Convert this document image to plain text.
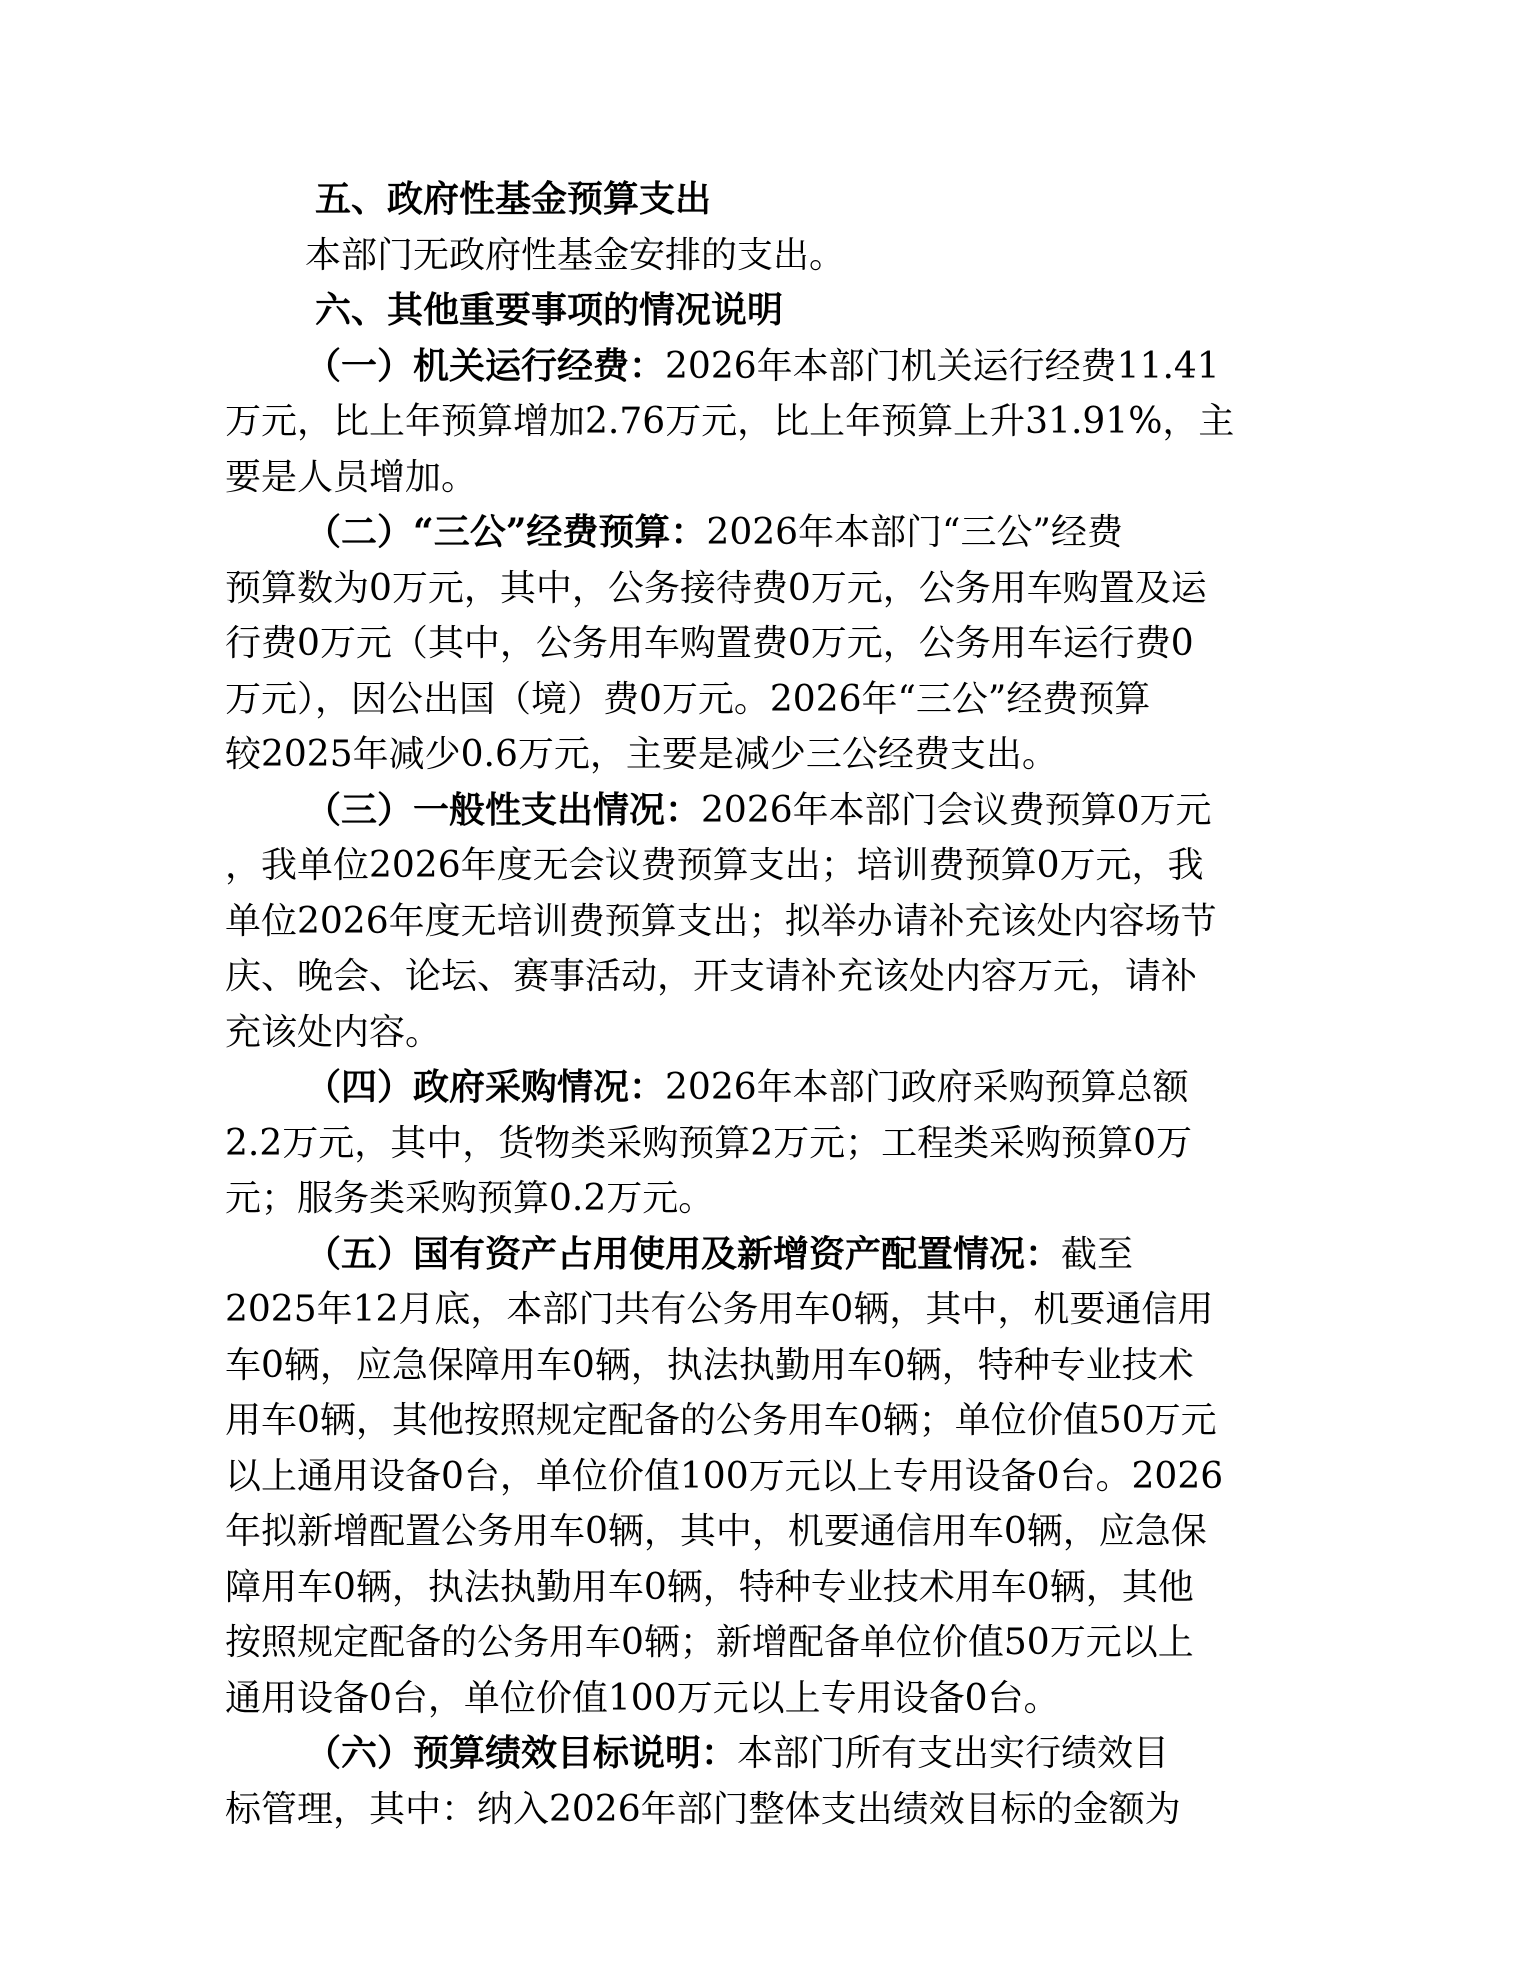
五、政府性基金预算支出
本部门无政府性基金安排的支出。
六、其他重要事项的情况说明
（一）机关运行经费：2026年本部门机关运行经费11.41
万元，比上年预算增加2.76万元，比上年预算上升31.91%，主
要是人员增加。
（二）“三公”经费预算：2026年本部门“三公”经费
预算数为0万元，其中，公务接待费0万元，公务用车购置及运
行费0万元（其中，公务用车购置费0万元，公务用车运行费0
万元），因公出国（境）费0万元。2026年“三公”经费预算
较2025年减少0.6万元，主要是减少三公经费支出。
（三）一般性支出情况：2026年本部门会议费预算0万元
，我单位2026年度无会议费预算支出；培训费预算0万元，我
单位2026年度无培训费预算支出；拟举办请补充该处内容场节
庆、晚会、论坛、赛事活动，开支请补充该处内容万元，请补
充该处内容。
（四）政府采购情况：2026年本部门政府采购预算总额
2.2万元，其中，货物类采购预算2万元；工程类采购预算0万
元；服务类采购预算0.2万元。
（五）国有资产占用使用及新增资产配置情况：截至
2025年12月底，本部门共有公务用车0辆，其中，机要通信用
车0辆，应急保障用车0辆，执法执勤用车0辆，特种专业技术
用车0辆，其他按照规定配备的公务用车0辆；单位价值50万元
以上通用设备0台，单位价值100万元以上专用设备0台。2026
年拟新增配置公务用车0辆，其中，机要通信用车0辆，应急保
障用车0辆，执法执勤用车0辆，特种专业技术用车0辆，其他
按照规定配备的公务用车0辆；新增配备单位价值50万元以上
通用设备0台，单位价值100万元以上专用设备0台。
（六）预算绩效目标说明：本部门所有支出实行绩效目
标管理，其中：纳入2026年部门整体支出绩效目标的金额为
